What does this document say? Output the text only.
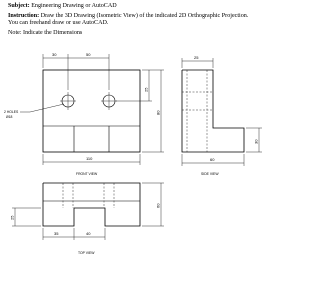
Subject: Engineering Drawing or AutoCAD
Instruction: Draw the 3D Drawing (Isometric View) of the indicated 2D Orthographic Projection.
You can freehand draw or use AutoCAD.
Note: Indicate the Dimensions
30	50
25
80
110
2 HOLES
Ø18
FRONT VIEW
25
60
30
SIDE VIEW
60
25
35	40
TOP VIEW
